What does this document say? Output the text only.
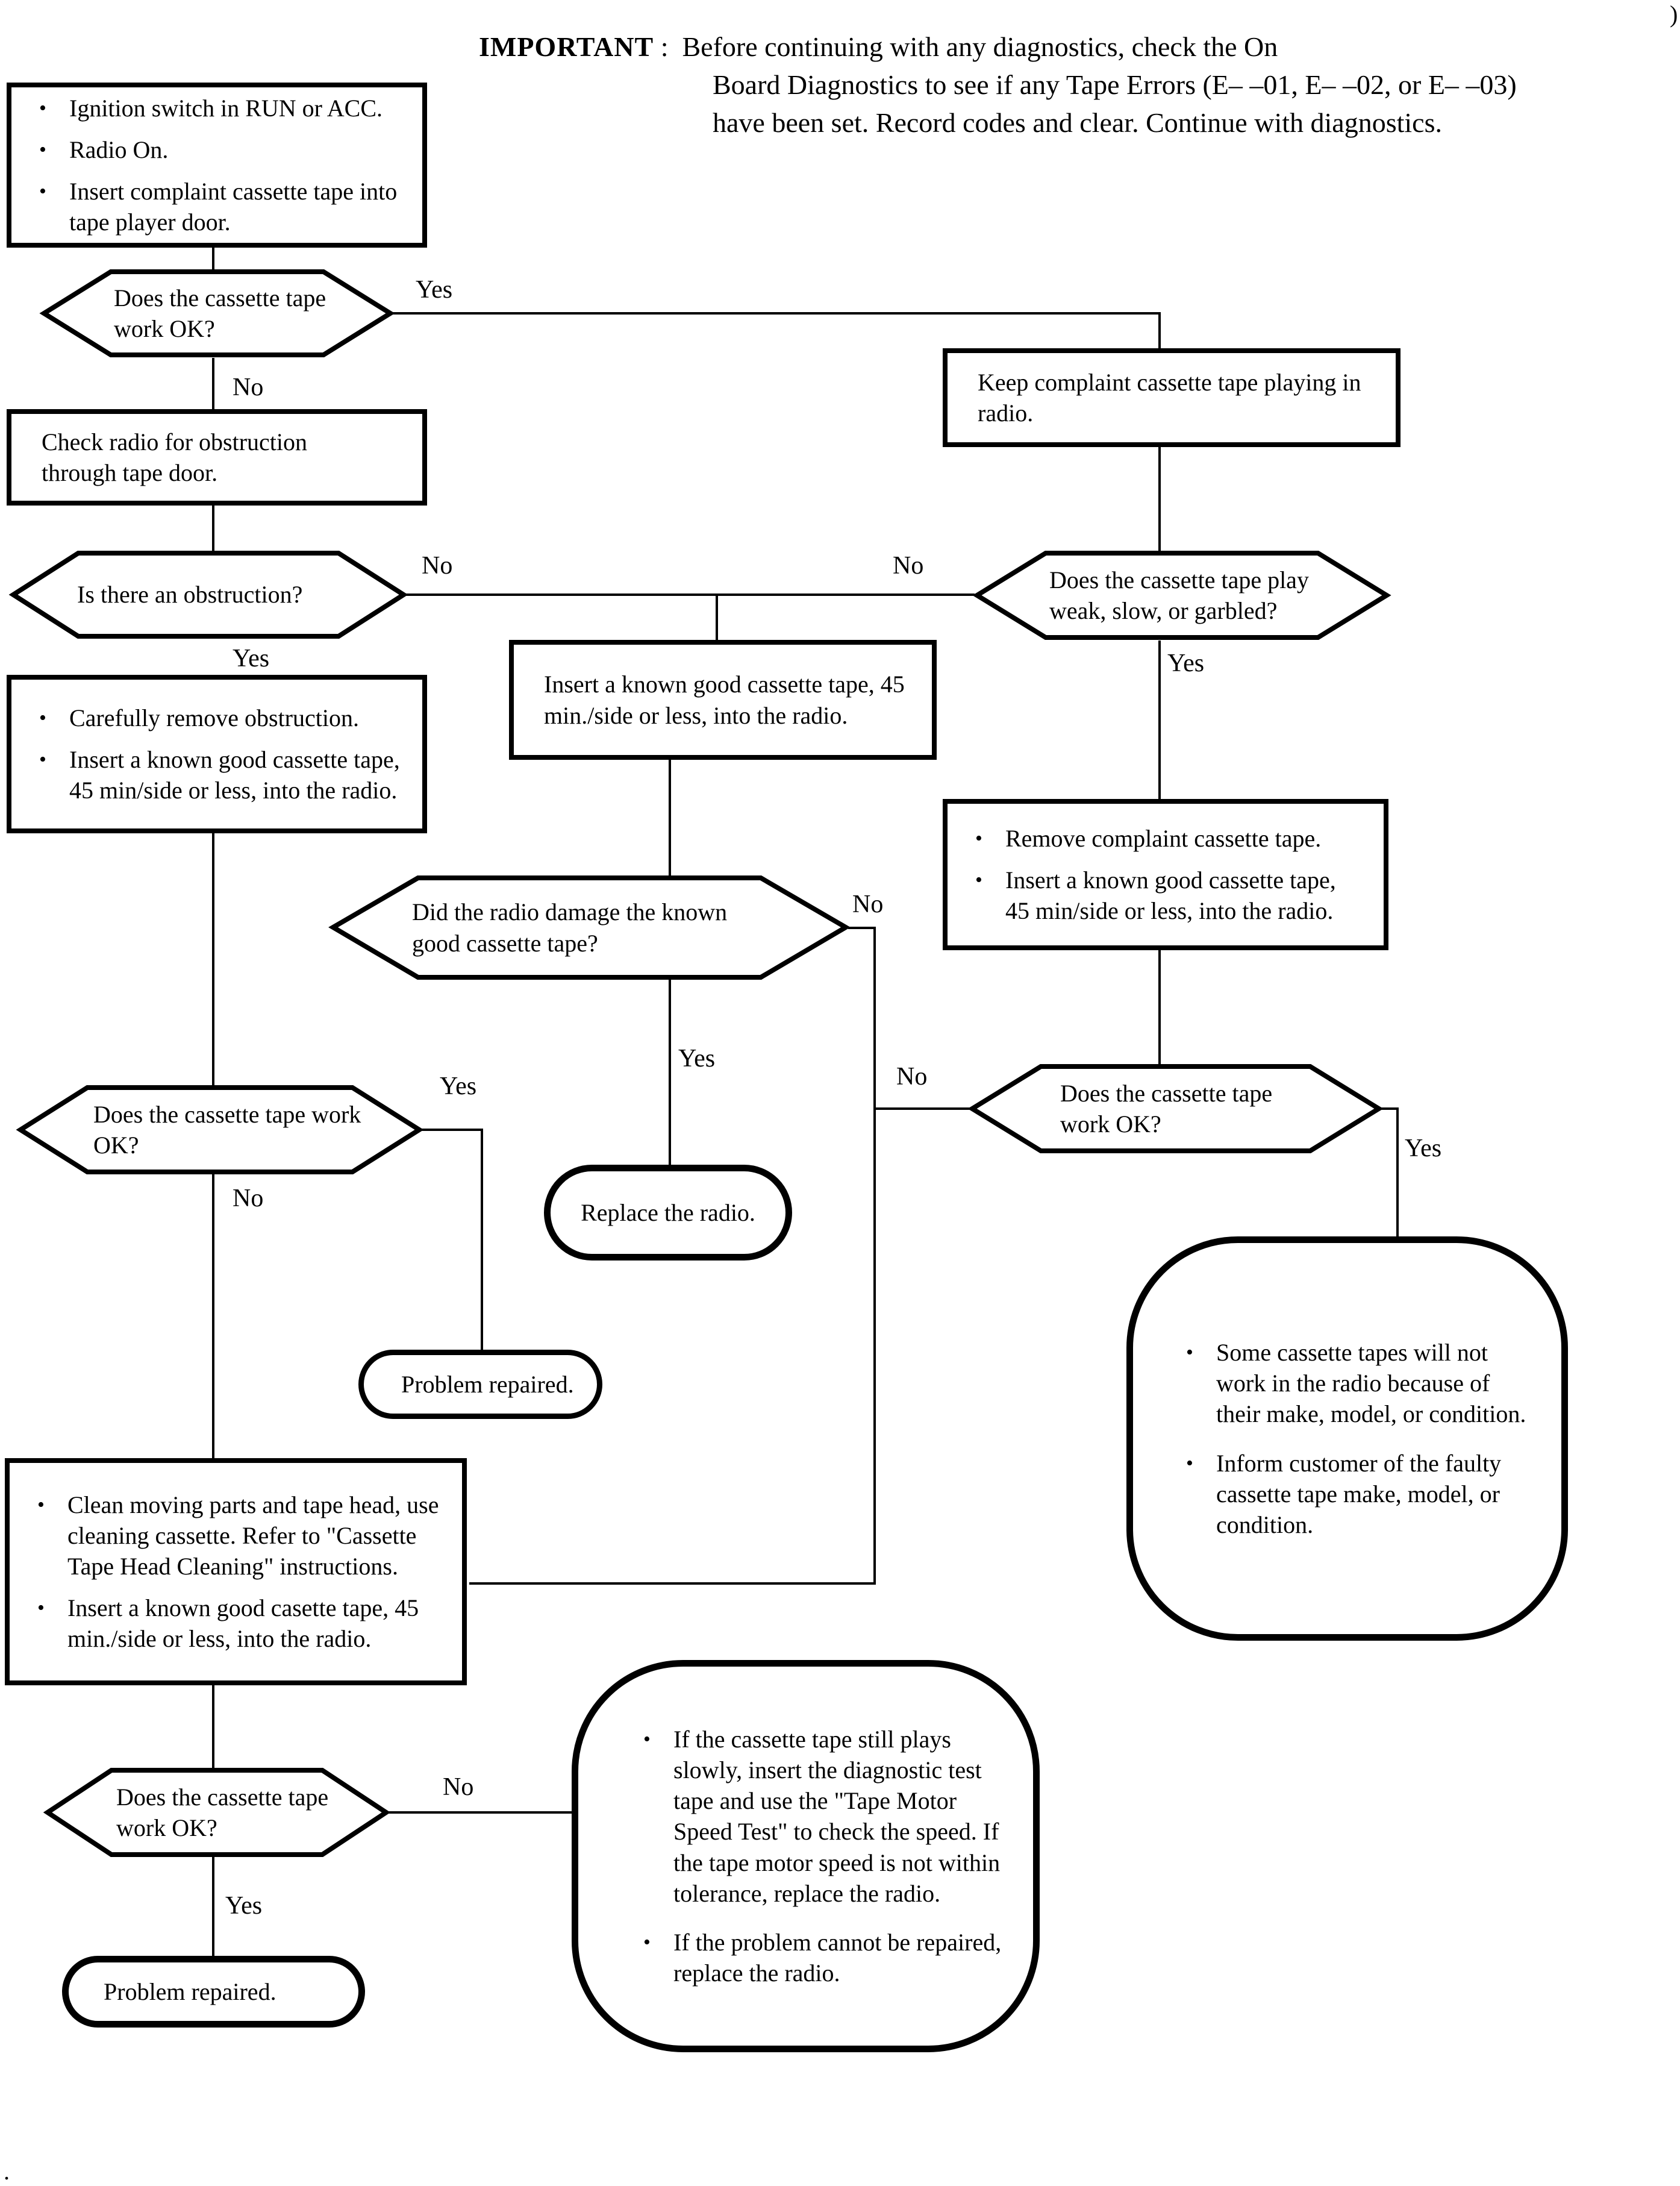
IMPORTANT : Before continuing with any diagnostics, check the On
Board Diagnostics to see if any Tape Errors (E– –01, E– –02, or E– –03)
have been set. Record codes and clear. Continue with diagnostics.
• Ignition switch in RUN or ACC.
• Radio On.
• Insert complaint cassette tape into tape player door.
Does the cassette tape work OK?
Keep complaint cassette tape playing in radio.
Check radio for obstruction through tape door.
Is there an obstruction?
Does the cassette tape play weak, slow, or garbled?
• Carefully remove obstruction.
• Insert a known good cassette tape, 45 min/side or less, into the radio.
Insert a known good cassette tape, 45 min./side or less, into the radio.
• Remove complaint cassette tape.
• Insert a known good cassette tape, 45 min/side or less, into the radio.
Did the radio damage the known good cassette tape?
Does the cassette tape work OK?
Does the cassette tape work OK?
Replace the radio.
Problem repaired.
• Some cassette tapes will not work in the radio because of their make, model, or condition.
• Inform customer of the faulty cassette tape make, model, or condition.
• Clean moving parts and tape head, use cleaning cassette. Refer to "Cassette Tape Head Cleaning" instructions.
• Insert a known good casette tape, 45 min./side or less, into the radio.
Does the cassette tape work OK?
• If the cassette tape still plays slowly, insert the diagnostic test tape and use the "Tape Motor Speed Test" to check the speed. If the tape motor speed is not within tolerance, replace the radio.
• If the problem cannot be repaired, replace the radio.
Problem repaired.
Yes
No
No	No
Yes	Yes
No
Yes
No
Yes
Yes
No
No
Yes
)
.
